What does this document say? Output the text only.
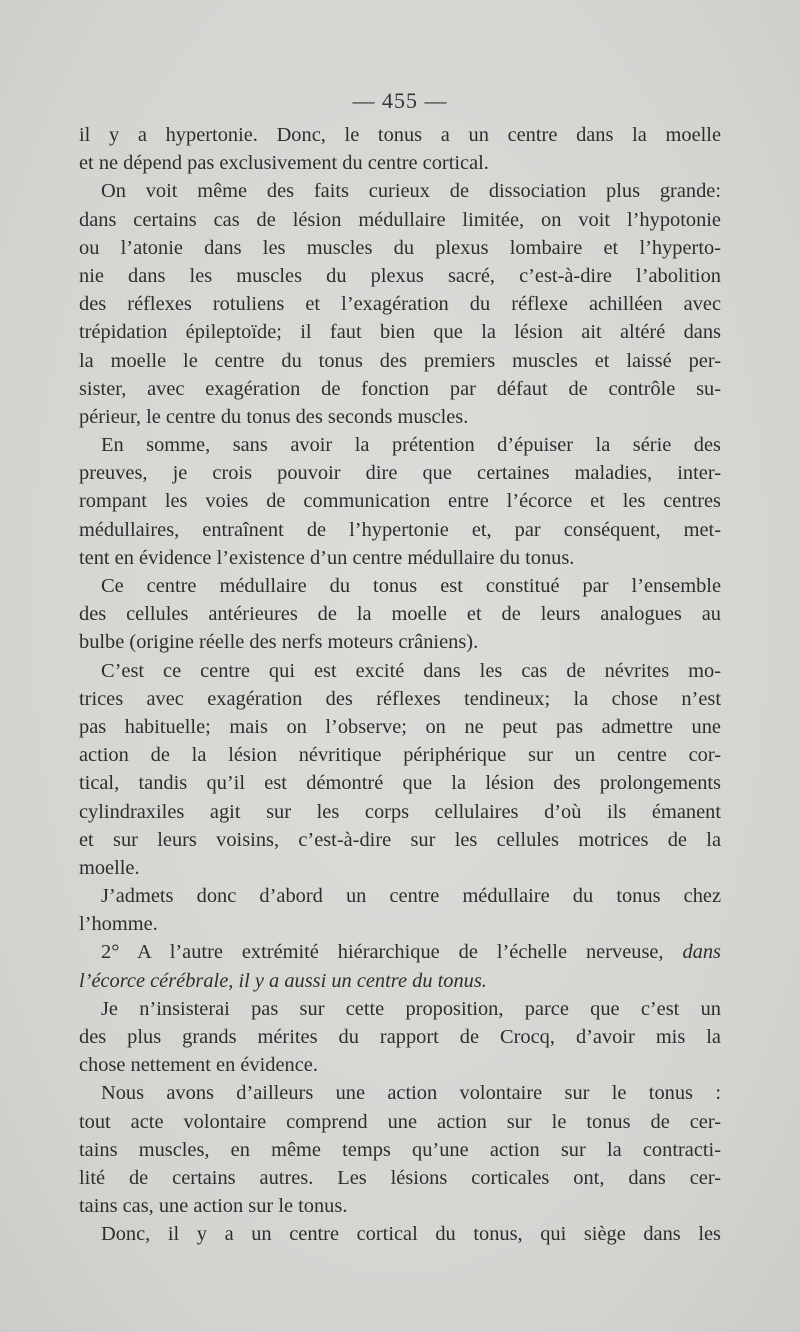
— 455 —
il y a hypertonie. Donc, le tonus a un centre dans la moelle
et ne dépend pas exclusivement du centre cortical.
On voit même des faits curieux de dissociation plus grande:
dans certains cas de lésion médullaire limitée, on voit l’hypotonie
ou l’atonie dans les muscles du plexus lombaire et l’hyperto-
nie dans les muscles du plexus sacré, c’est-à-dire l’abolition
des réflexes rotuliens et l’exagération du réflexe achilléen avec
trépidation épileptoïde; il faut bien que la lésion ait altéré dans
la moelle le centre du tonus des premiers muscles et laissé per-
sister, avec exagération de fonction par défaut de contrôle su-
périeur, le centre du tonus des seconds muscles.
En somme, sans avoir la prétention d’épuiser la série des
preuves, je crois pouvoir dire que certaines maladies, inter-
rompant les voies de communication entre l’écorce et les centres
médullaires, entraînent de l’hypertonie et, par conséquent, met-
tent en évidence l’existence d’un centre médullaire du tonus.
Ce centre médullaire du tonus est constitué par l’ensemble
des cellules antérieures de la moelle et de leurs analogues au
bulbe (origine réelle des nerfs moteurs crâniens).
C’est ce centre qui est excité dans les cas de névrites mo-
trices avec exagération des réflexes tendineux; la chose n’est
pas habituelle; mais on l’observe; on ne peut pas admettre une
action de la lésion névritique périphérique sur un centre cor-
tical, tandis qu’il est démontré que la lésion des prolongements
cylindraxiles agit sur les corps cellulaires d’où ils émanent
et sur leurs voisins, c’est-à-dire sur les cellules motrices de la
moelle.
J’admets donc d’abord un centre médullaire du tonus chez
l’homme.
2° A l’autre extrémité hiérarchique de l’échelle nerveuse, dans
l’écorce cérébrale, il y a aussi un centre du tonus.
Je n’insisterai pas sur cette proposition, parce que c’est un
des plus grands mérites du rapport de Crocq, d’avoir mis la
chose nettement en évidence.
Nous avons d’ailleurs une action volontaire sur le tonus :
tout acte volontaire comprend une action sur le tonus de cer-
tains muscles, en même temps qu’une action sur la contracti-
lité de certains autres. Les lésions corticales ont, dans cer-
tains cas, une action sur le tonus.
Donc, il y a un centre cortical du tonus, qui siège dans les
